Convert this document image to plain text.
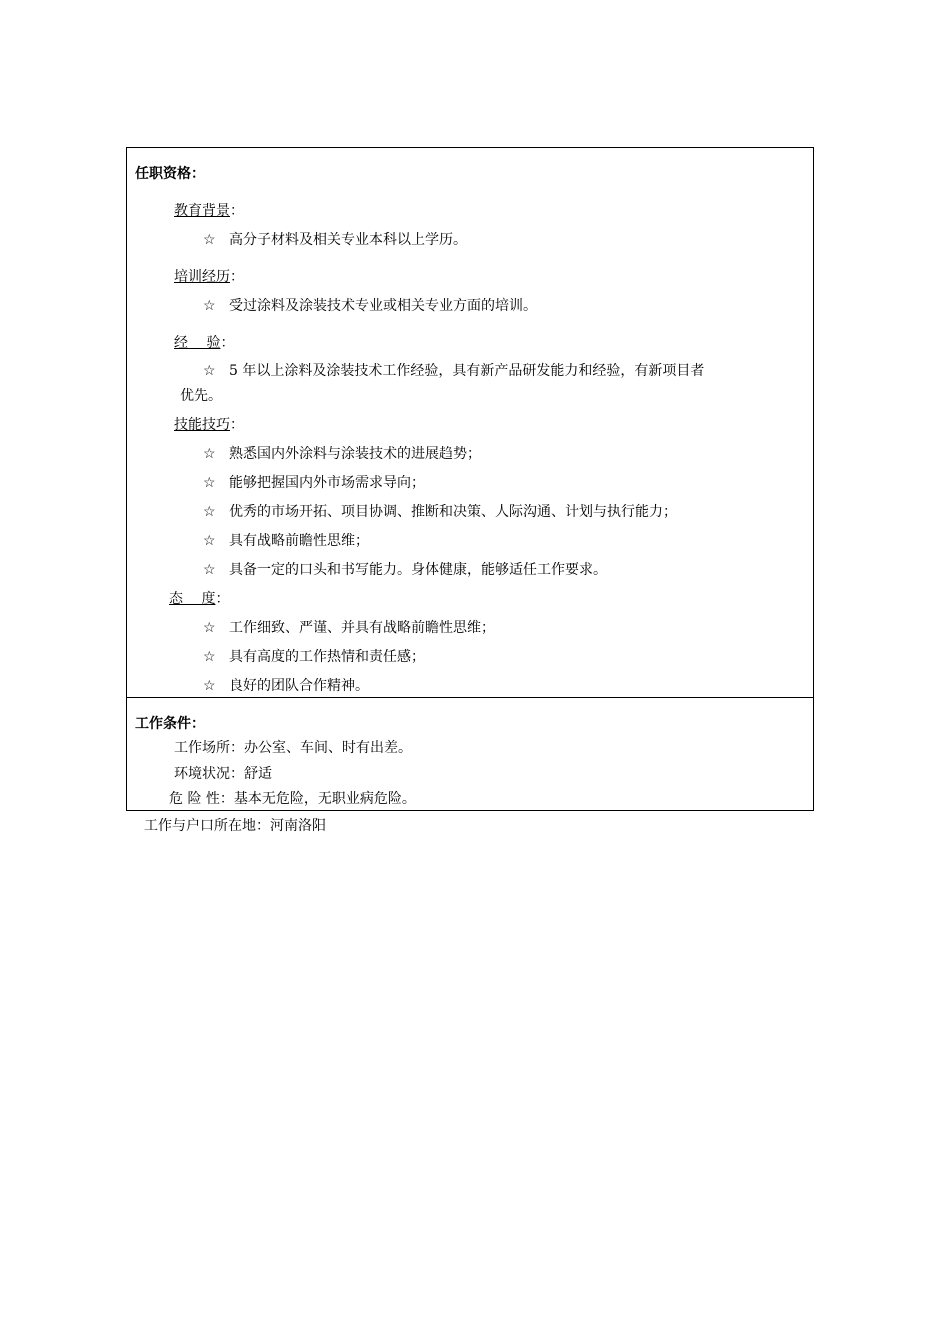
任职资格：
教育背景：
☆ 高分子材料及相关专业本科以上学历。
培训经历：
☆ 受过涂料及涂装技术专业或相关专业方面的培训。
经 验：
☆ 5 年以上涂料及涂装技术工作经验，具有新产品研发能力和经验，有新项目者
优先。
技能技巧：
☆ 熟悉国内外涂料与涂装技术的进展趋势；
☆ 能够把握国内外市场需求导向；
☆ 优秀的市场开拓、项目协调、推断和决策、人际沟通、计划与执行能力；
☆ 具有战略前瞻性思维；
☆ 具备一定的口头和书写能力。身体健康，能够适任工作要求。
态 度：
☆ 工作细致、严谨、并具有战略前瞻性思维；
☆ 具有高度的工作热情和责任感；
☆ 良好的团队合作精神。
工作条件：
工作场所：办公室、车间、时有出差。
环境状况：舒适
危 险 性：基本无危险，无职业病危险。
工作与户口所在地：河南洛阳
